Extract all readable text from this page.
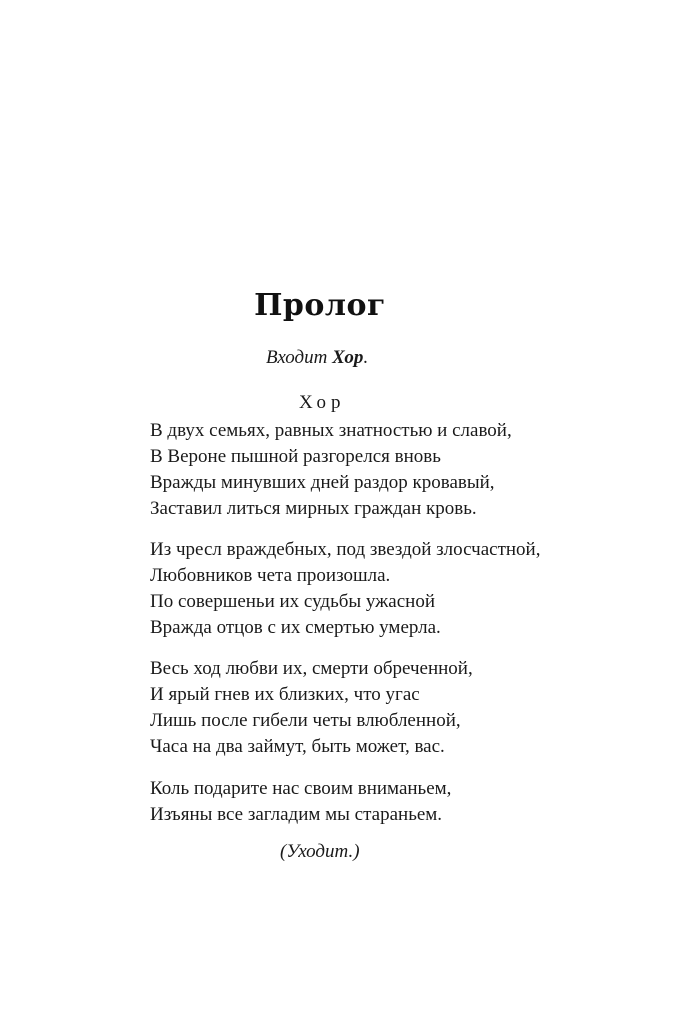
Пролог

Входит Хор.

Хор

В двух семьях, равных знатностью и славой,
В Вероне пышной разгорелся вновь
Вражды минувших дней раздор кровавый,
Заставил литься мирных граждан кровь.

Из чресл враждебных, под звездой злосчастной,
Любовников чета произошла.
По совершеньи их судьбы ужасной
Вражда отцов с их смертью умерла.

Весь ход любви их, смерти обреченной,
И ярый гнев их близких, что угас
Лишь после гибели четы влюбленной,
Часа на два займут, быть может, вас.

Коль подарите нас своим вниманьем,
Изъяны все загладим мы стараньем.

(Уходит.)
